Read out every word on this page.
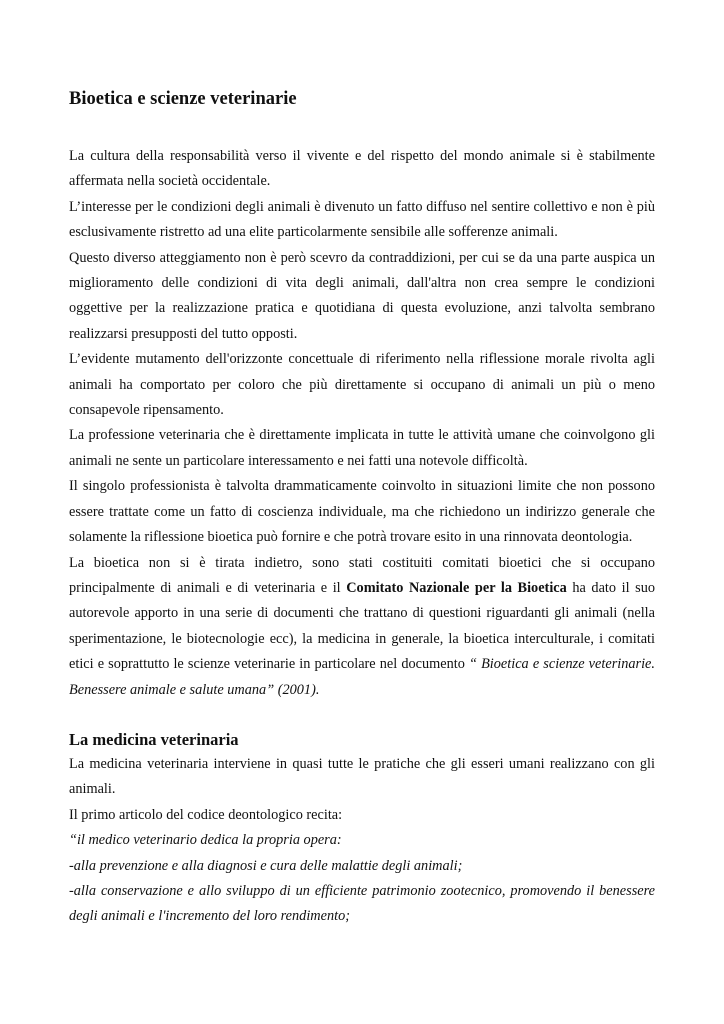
Bioetica e scienze veterinarie

La cultura della responsabilità verso il vivente e del rispetto del mondo animale si è stabilmente affermata nella società occidentale.

L’interesse per le condizioni degli animali è divenuto un fatto diffuso nel sentire collettivo e non è più esclusivamente ristretto ad una elite particolarmente sensibile alle sofferenze animali.

Questo diverso atteggiamento non è però scevro da contraddizioni, per cui se da una parte auspica un miglioramento delle condizioni di vita degli animali, dall'altra non crea sempre le condizioni oggettive per la realizzazione pratica e quotidiana di questa evoluzione, anzi talvolta sembrano realizzarsi presupposti del tutto opposti.

L’evidente mutamento dell'orizzonte concettuale di riferimento nella riflessione morale rivolta agli animali ha comportato per coloro che più direttamente si occupano di animali un più o meno consapevole ripensamento.

La professione veterinaria che è direttamente implicata in tutte le attività umane che coinvolgono gli animali ne sente un particolare interessamento e nei fatti una notevole difficoltà.

Il singolo professionista è talvolta drammaticamente coinvolto in situazioni limite che non possono essere trattate come un fatto di coscienza individuale, ma che richiedono un indirizzo generale che solamente la riflessione bioetica può fornire e che potrà trovare esito in una rinnovata deontologia.

La bioetica non si è tirata indietro, sono stati costituiti comitati bioetici che si occupano principalmente di animali e di veterinaria e il Comitato Nazionale per la Bioetica ha dato il suo autorevole apporto in una serie di documenti che trattano di questioni riguardanti gli animali (nella sperimentazione, le biotecnologie ecc), la medicina in generale, la bioetica interculturale, i comitati etici e soprattutto le scienze veterinarie in particolare nel documento “ Bioetica e scienze veterinarie. Benessere animale e salute umana” (2001).

La medicina veterinaria

La medicina veterinaria interviene in quasi tutte le pratiche che gli esseri umani realizzano con gli animali.

Il primo articolo del codice deontologico recita:

“il medico veterinario dedica la propria opera:

-alla prevenzione e alla diagnosi e cura delle malattie degli animali;

-alla conservazione e allo sviluppo di un efficiente patrimonio zootecnico, promovendo il benessere degli animali e l'incremento del loro rendimento;
